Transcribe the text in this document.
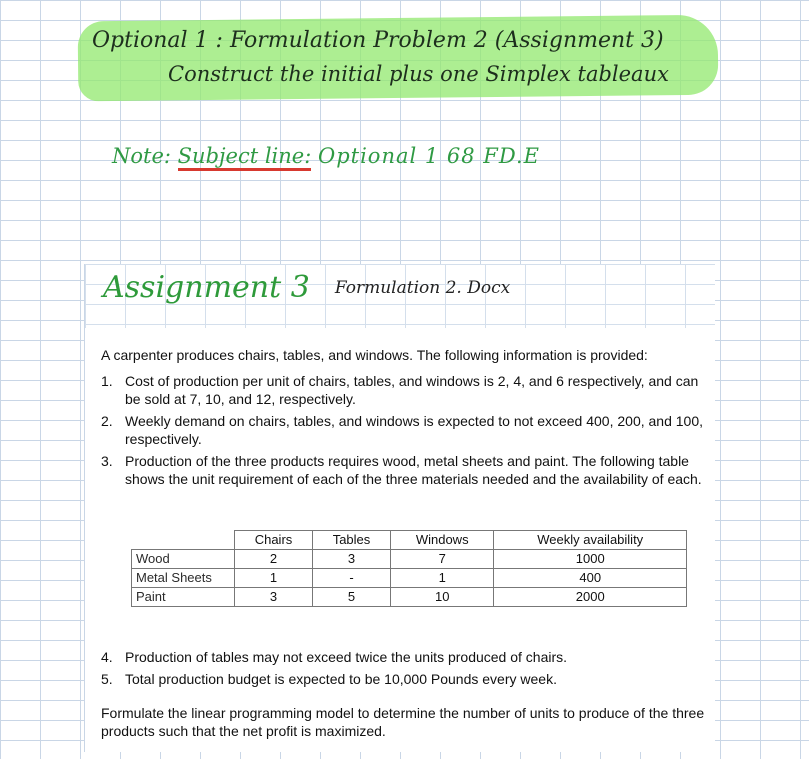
Optional 1 : Formulation Problem 2 (Assignment 3)
Construct the initial plus one Simplex tableaux
Note: Subject line: Optional 1 68 FD.E
Assignment 3 Formulation 2. Docx
A carpenter produces chairs, tables, and windows. The following information is provided:
1. Cost of production per unit of chairs, tables, and windows is 2, 4, and 6 respectively, and can be sold at 7, 10, and 12, respectively.
2. Weekly demand on chairs, tables, and windows is expected to not exceed 400, 200, and 100, respectively.
3. Production of the three products requires wood, metal sheets and paint. The following table shows the unit requirement of each of the three materials needed and the availability of each.
	Chairs	Tables	Windows	Weekly availability
Wood	2	3	7	1000
Metal Sheets	1	-	1	400
Paint	3	5	10	2000
4. Production of tables may not exceed twice the units produced of chairs.
5. Total production budget is expected to be 10,000 Pounds every week.
Formulate the linear programming model to determine the number of units to produce of the three products such that the net profit is maximized.
